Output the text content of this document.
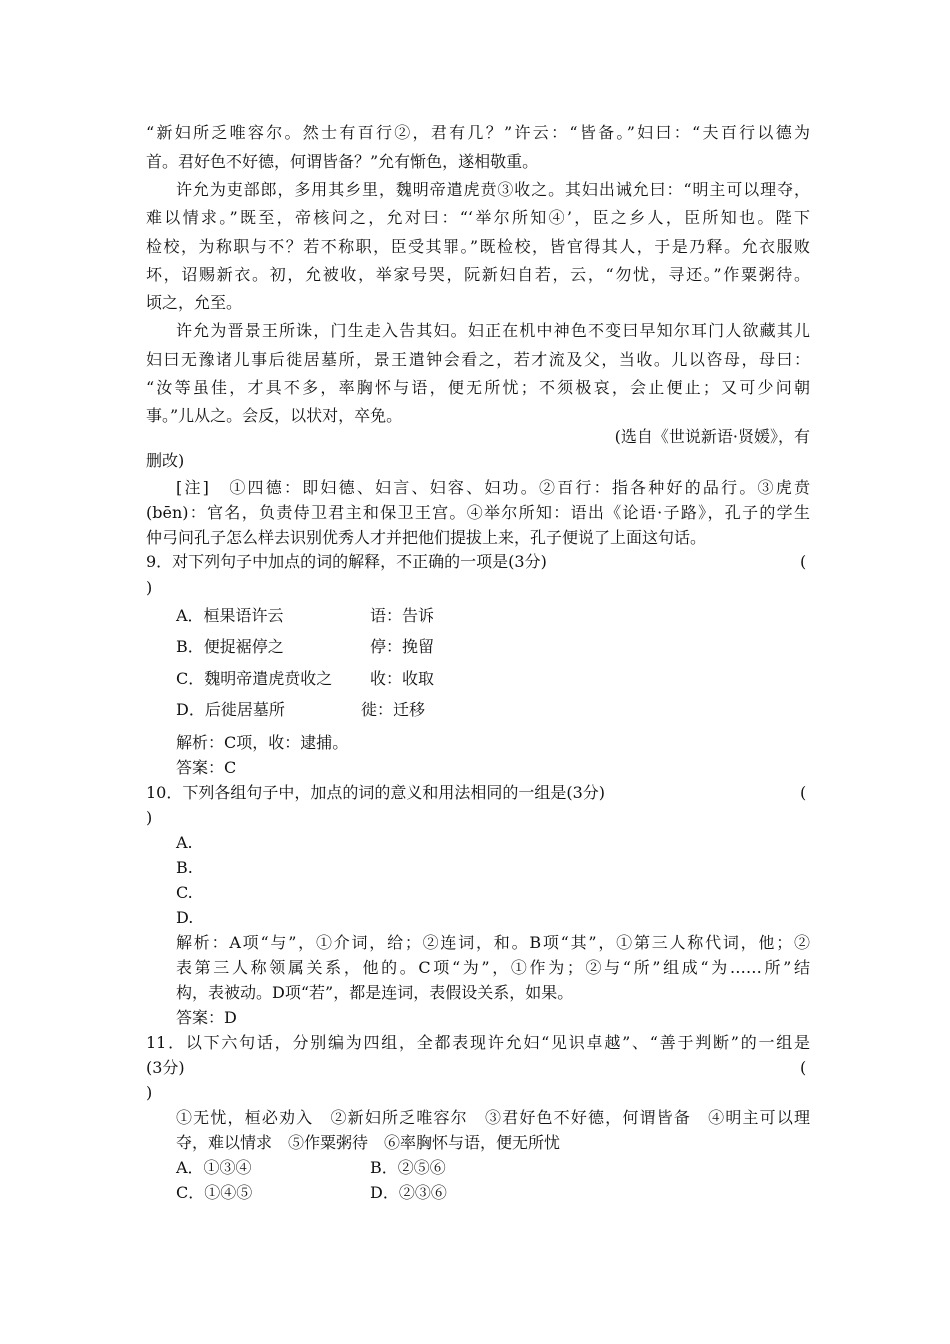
“新妇所乏唯容尔。然士有百行②，君有几？”许云：“皆备。”妇曰：“夫百行以德为
首。君好色不好德，何谓皆备？”允有惭色，遂相敬重。
许允为吏部郎，多用其乡里，魏明帝遣虎贲③收之。其妇出诫允曰：“明主可以理夺，
难以情求。”既至，帝核问之，允对曰：“‘举尔所知④’，臣之乡人，臣所知也。陛下
检校，为称职与不？若不称职，臣受其罪。”既检校，皆官得其人，于是乃释。允衣服败
坏，诏赐新衣。初，允被收，举家号哭，阮新妇自若，云，“勿忧，寻还。”作粟粥待。
顷之，允至。
许允为晋景王所诛，门生走入告其妇。妇正在机中神色不变曰早知尔耳门人欲藏其儿
妇曰无豫诸儿事后徙居墓所，景王遣钟会看之，若才流及父，当收。儿以咨母，母曰：
“汝等虽佳，才具不多，率胸怀与语，便无所忧；不须极哀，会止便止；又可少问朝
事。”儿从之。会反，以状对，卒免。
(选自《世说新语·贤媛》，有
删改)
[注]　①四德：即妇德、妇言、妇容、妇功。②百行：指各种好的品行。③虎贲
(bēn)：官名，负责侍卫君主和保卫王宫。④举尔所知：语出《论语·子路》，孔子的学生
仲弓问孔子怎么样去识别优秀人才并把他们提拔上来，孔子便说了上面这句话。
9．对下列句子中加点的词的解释，不正确的一项是(3分)	(
)
A．桓果语许云	语：告诉
B．便捉裾停之	停：挽留
C．魏明帝遣虎贲收之 收：收取
D．后徙居墓所	徙：迁移
解析：C项，收：逮捕。
答案：C
10．下列各组句子中，加点的词的意义和用法相同的一组是(3分)	(
)
A.
B.
C.
D.
解析：A项“与”，①介词，给；②连词，和。B项“其”，①第三人称代词，他；②
表第三人称领属关系，他的。C项“为”，①作为；②与“所”组成“为……所”结
构，表被动。D项“若”，都是连词，表假设关系，如果。
答案：D
11．以下六句话，分别编为四组，全都表现许允妇“见识卓越”、“善于判断”的一组是
(3分)	(
)
①无忧，桓必劝入　②新妇所乏唯容尔　③君好色不好德，何谓皆备　④明主可以理
夺，难以情求　⑤作粟粥待　⑥率胸怀与语，便无所忧
A．①③④	B．②⑤⑥
C．①④⑤	D．②③⑥
